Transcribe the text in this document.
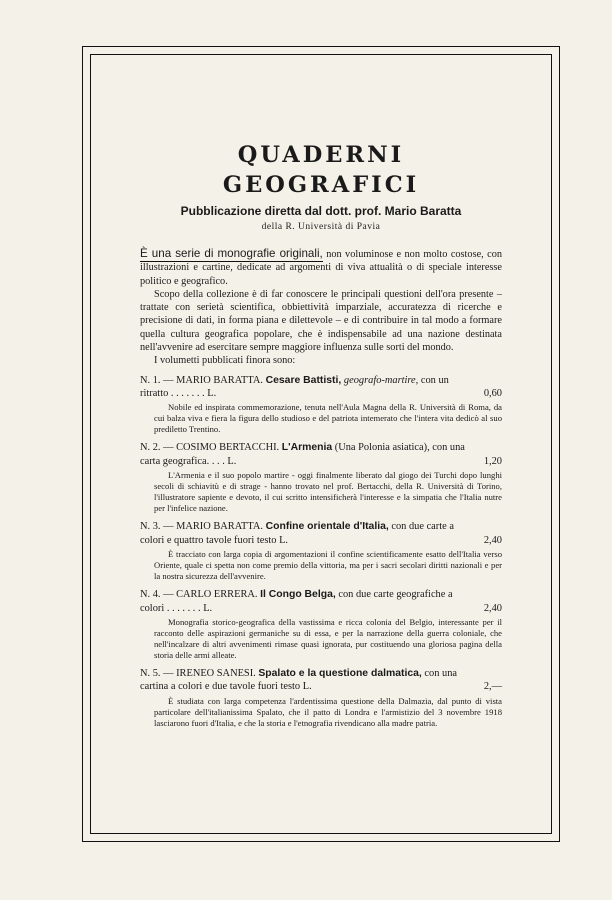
QUADERNI GEOGRAFICI
Pubblicazione diretta dal dott. prof. Mario Baratta
della R. Università di Pavia

È una serie di monografie originali, non voluminose e non molto costose, con illustrazioni e cartine, dedicate ad argomenti di viva attualità o di speciale interesse politico e geografico.

Scopo della collezione è di far conoscere le principali questioni dell'ora presente – trattate con serietà scientifica, obbiettività imparziale, accuratezza di ricerche e precisione di dati, in forma piana e dilettevole – e di contribuire in tal modo a formare quella cultura geografica popolare, che è indispensabile ad una nazione destinata nell'avvenire ad esercitare sempre maggiore influenza sulle sorti del mondo.

I volumetti pubblicati finora sono:

N. 1. — MARIO BARATTA. Cesare Battisti, geografo-martire, con un ritratto . . . . . . . L.	0,60

Nobile ed inspirata commemorazione, tenuta nell'Aula Magna della R. Università di Roma, da cui balza viva e fiera la figura dello studioso e del patriota intemerato che l'intera vita dedicò al suo prediletto Trentino.

N. 2. — COSIMO BERTACCHI. L'Armenia (Una Polonia asiatica), con una carta geografica. . . . L.	1,20

L'Armenia e il suo popolo martire - oggi finalmente liberato dal giogo dei Turchi dopo lunghi secoli di schiavitù e di strage - hanno trovato nel prof. Bertacchi, della R. Università di Torino, l'illustratore sapiente e devoto, il cui scritto intensificherà l'interesse e la simpatia che l'Italia nutre per l'infelice nazione.

N. 3. — MARIO BARATTA. Confine orientale d'Italia, con due carte a colori e quattro tavole fuori testo L.	2,40

È tracciato con larga copia di argomentazioni il confine scientificamente esatto dell'Italia verso Oriente, quale ci spetta non come premio della vittoria, ma per i sacri secolari diritti nazionali e per la nostra sicurezza dell'avvenire.

N. 4. — CARLO ERRERA. Il Congo Belga, con due carte geografiche a colori . . . . . . . L.	2,40

Monografia storico-geografica della vastissima e ricca colonia del Belgio, interessante per il racconto delle aspirazioni germaniche su di essa, e per la narrazione della guerra coloniale, che nell'incalzare di altri avvenimenti rimase quasi ignorata, pur costituendo una gloriosa pagina della storia delle armi alleate.

N. 5. — IRENEO SANESI. Spalato e la questione dalmatica, con una cartina a colori e due tavole fuori testo L.	2,—

È studiata con larga competenza l'ardentissima questione della Dalmazia, dal punto di vista particolare dell'italianissima Spalato, che il patto di Londra e l'armistizio del 3 novembre 1918 lasciarono fuori d'Italia, e che la storia e l'etnografia rivendicano alla madre patria.
